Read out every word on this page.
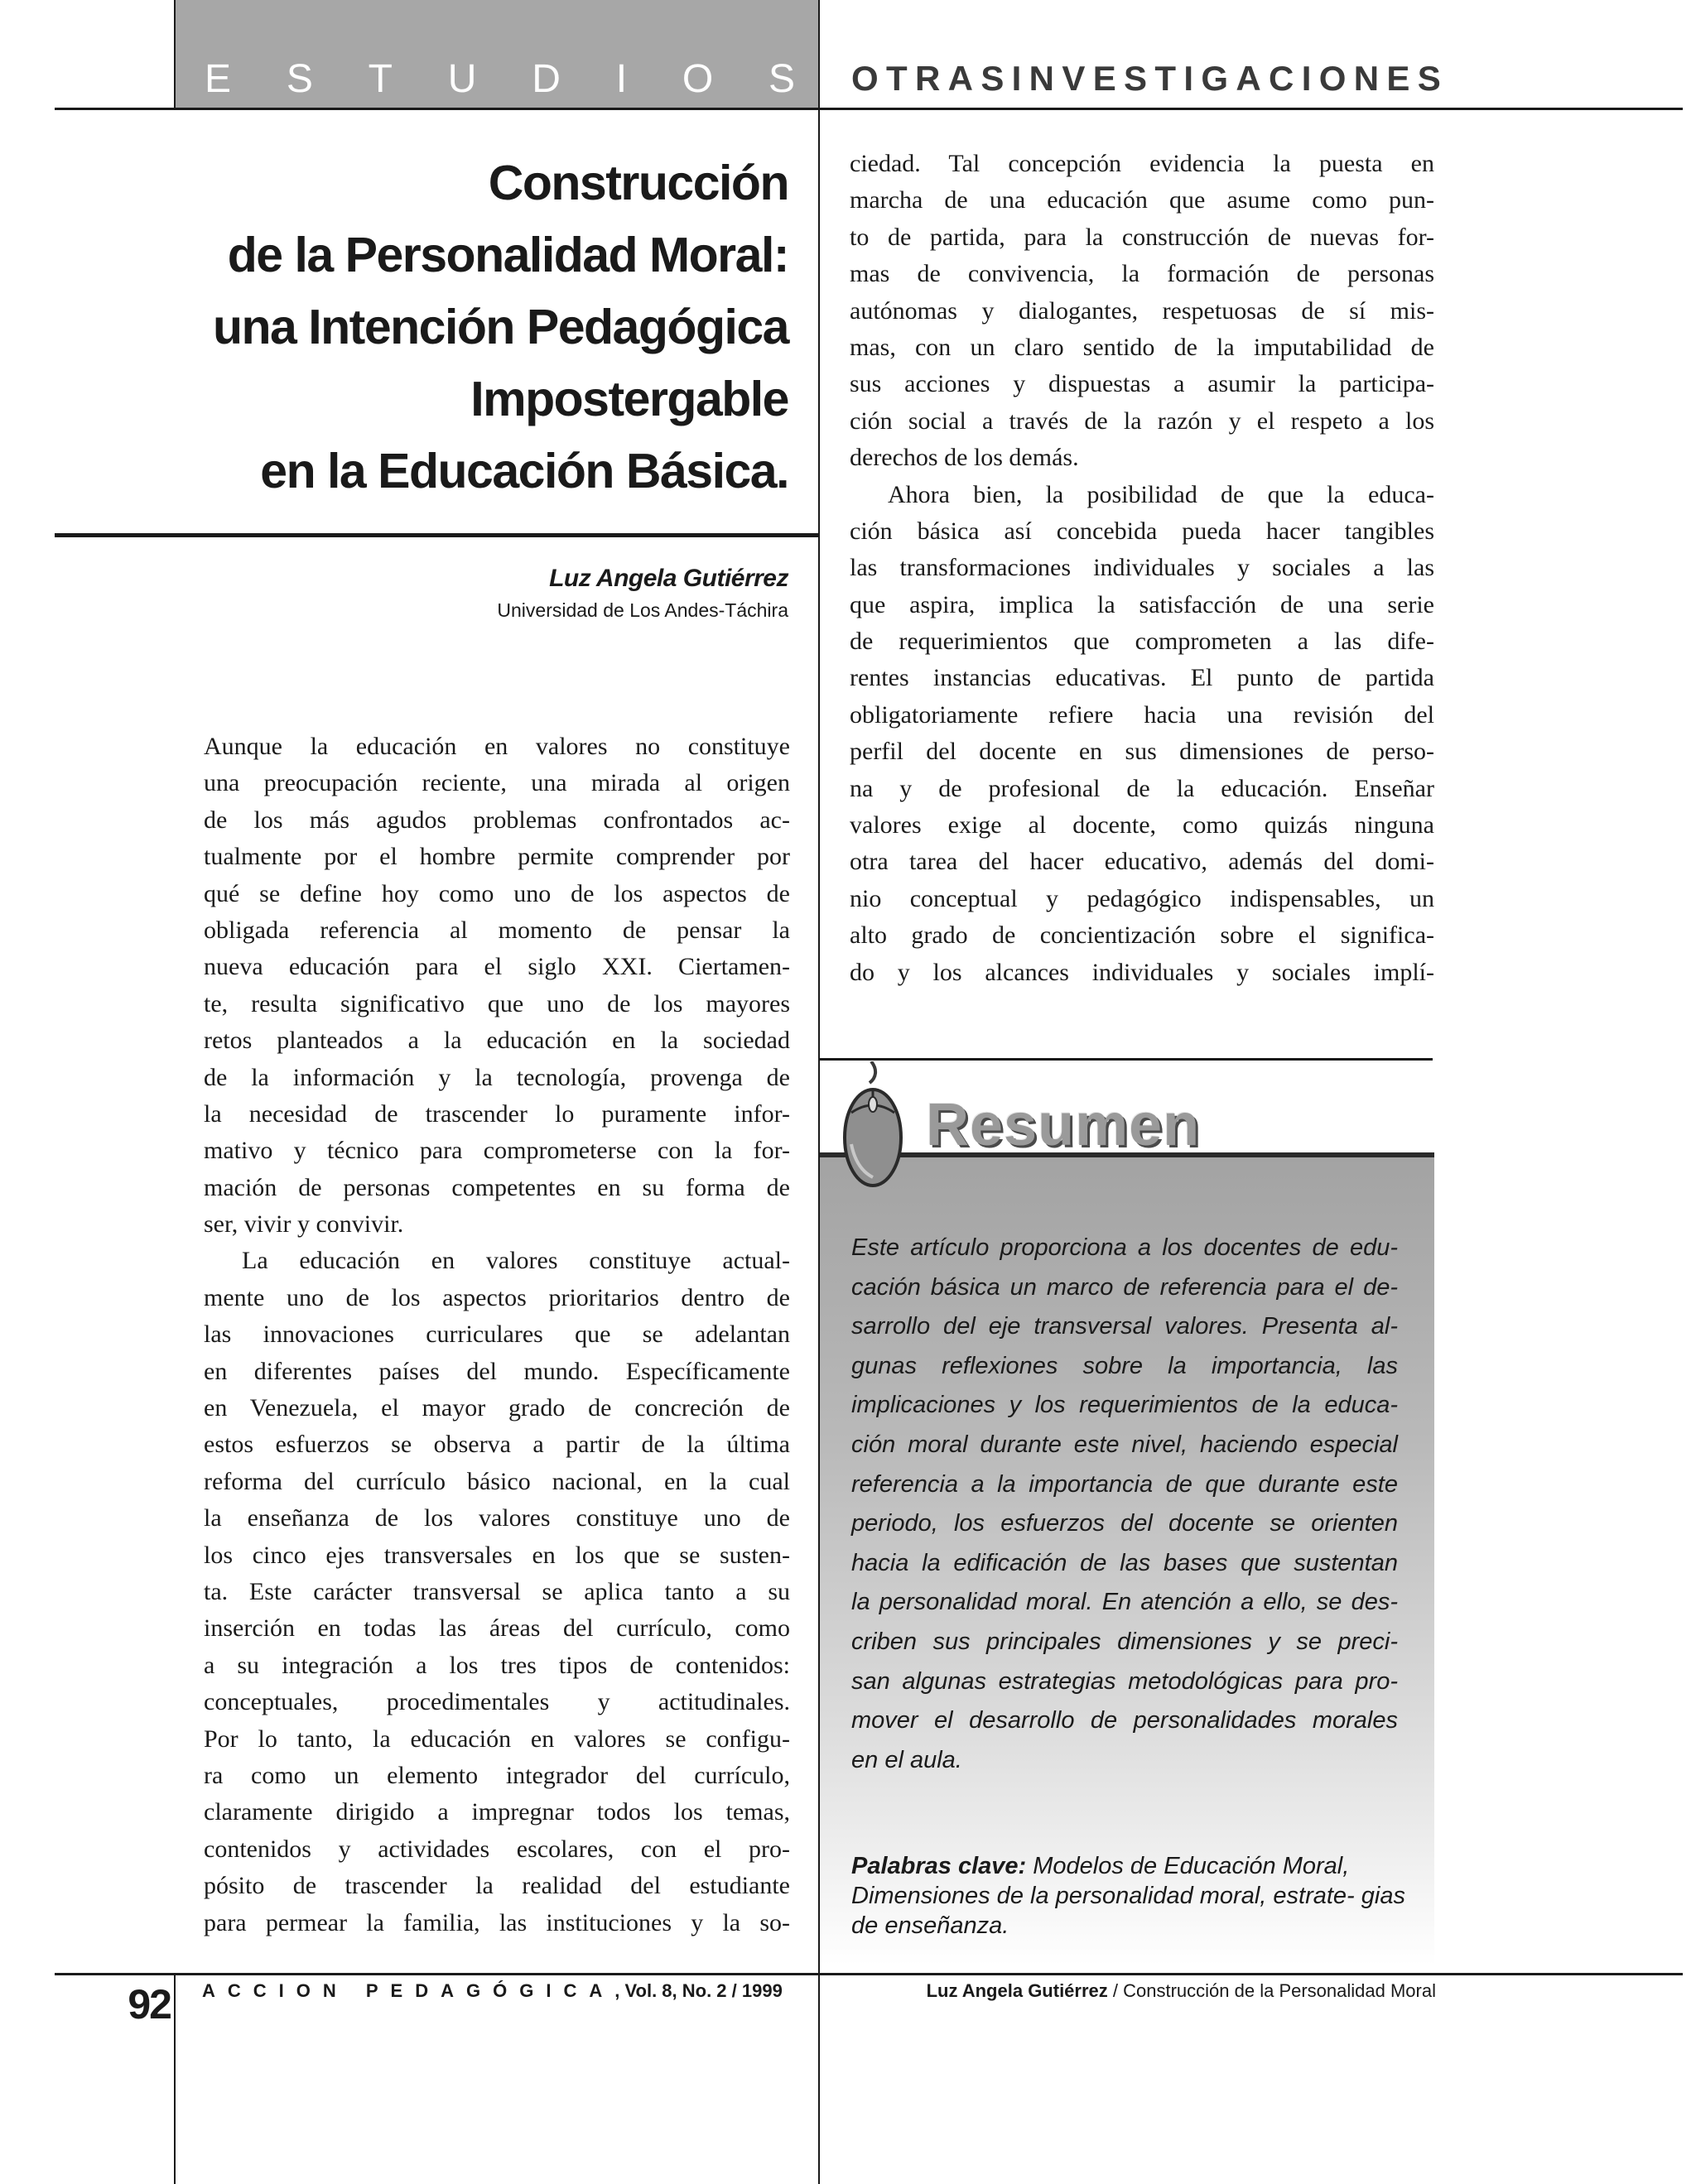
E S T U D I O S O T R A S I N V E S T I G A C I O N E S
Construcción
de la Personalidad Moral:
una Intención Pedagógica
Impostergable
en la Educación Básica.
Luz Angela Gutiérrez
Universidad de Los Andes-Táchira
Aunque la educación en valores no constituye
una preocupación reciente, una mirada al origen
de los más agudos problemas confrontados ac-
tualmente por el hombre permite comprender por
qué se define hoy como uno de los aspectos de
obligada referencia al momento de pensar la
nueva educación para el siglo XXI. Ciertamen-
te, resulta significativo que uno de los mayores
retos planteados a la educación en la sociedad
de la información y la tecnología, provenga de
la necesidad de trascender lo puramente infor-
mativo y técnico para comprometerse con la for-
mación de personas competentes en su forma de
ser, vivir y convivir.
La educación en valores constituye actual-
mente uno de los aspectos prioritarios dentro de
las innovaciones curriculares que se adelantan
en diferentes países del mundo. Específicamente
en Venezuela, el mayor grado de concreción de
estos esfuerzos se observa a partir de la última
reforma del currículo básico nacional, en la cual
la enseñanza de los valores constituye uno de
los cinco ejes transversales en los que se susten-
ta. Este carácter transversal se aplica tanto a su
inserción en todas las áreas del currículo, como
a su integración a los tres tipos de contenidos:
conceptuales, procedimentales y actitudinales.
Por lo tanto, la educación en valores se configu-
ra como un elemento integrador del currículo,
claramente dirigido a impregnar todos los temas,
contenidos y actividades escolares, con el pro-
pósito de trascender la realidad del estudiante
para permear la familia, las instituciones y la so-
ciedad. Tal concepción evidencia la puesta en
marcha de una educación que asume como pun-
to de partida, para la construcción de nuevas for-
mas de convivencia, la formación de personas
autónomas y dialogantes, respetuosas de sí mis-
mas, con un claro sentido de la imputabilidad de
sus acciones y dispuestas a asumir la participa-
ción social a través de la razón y el respeto a los
derechos de los demás.
Ahora bien, la posibilidad de que la educa-
ción básica así concebida pueda hacer tangibles
las transformaciones individuales y sociales a las
que aspira, implica la satisfacción de una serie
de requerimientos que comprometen a las dife-
rentes instancias educativas. El punto de partida
obligatoriamente refiere hacia una revisión del
perfil del docente en sus dimensiones de perso-
na y de profesional de la educación. Enseñar
valores exige al docente, como quizás ninguna
otra tarea del hacer educativo, además del domi-
nio conceptual y pedagógico indispensables, un
alto grado de concientización sobre el significa-
do y los alcances individuales y sociales implí-
Resumen
Este artículo proporciona a los docentes de edu-
cación básica un marco de referencia para el de-
sarrollo del eje transversal valores. Presenta al-
gunas reflexiones sobre la importancia, las
implicaciones y los requerimientos de la educa-
ción moral durante este nivel, haciendo especial
referencia a la importancia de que durante este
periodo, los esfuerzos del docente se orienten
hacia la edificación de las bases que sustentan
la personalidad moral. En atención a ello, se des-
criben sus principales dimensiones y se preci-
san algunas estrategias metodológicas para pro-
mover el desarrollo de personalidades morales
en el aula.
Palabras clave: Modelos de Educación Moral, Dimensiones de la personalidad moral, estrate- gias de enseñanza.
92 ACCION PEDAGÓGICA, Vol. 8, No. 2 / 1999	Luz Angela Gutiérrez / Construcción de la Personalidad Moral
